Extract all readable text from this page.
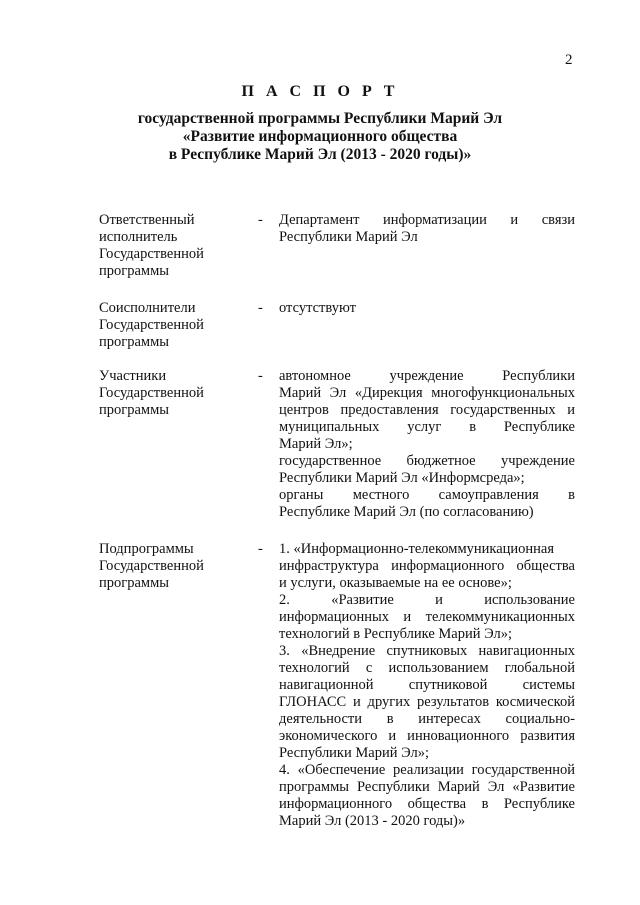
2
П А С П О Р Т
государственной программы Республики Марий Эл
«Развитие информационного общества
в Республике Марий Эл (2013 - 2020 годы)»
Ответственный
исполнитель
Государственной
программы
- Департамент информатизации и связи
Республики Марий Эл
Соисполнители
Государственной
программы
- отсутствуют
Участники
Государственной
программы
- автономное учреждение Республики
Марий Эл «Дирекция многофункциональных
центров предоставления государственных и
муниципальных услуг в Республике
Марий Эл»;
государственное бюджетное учреждение
Республики Марий Эл «Информсреда»;
органы местного самоуправления в
Республике Марий Эл (по согласованию)
Подпрограммы
Государственной
программы
- 1. «Информационно-телекоммуникационная
инфраструктура информационного общества
и услуги, оказываемые на ее основе»;
2. «Развитие и использование
информационных и телекоммуникационных
технологий в Республике Марий Эл»;
3. «Внедрение спутниковых навигационных
технологий с использованием глобальной
навигационной спутниковой системы
ГЛОНАСС и других результатов космической
деятельности в интересах социально-
экономического и инновационного развития
Республики Марий Эл»;
4. «Обеспечение реализации государственной
программы Республики Марий Эл «Развитие
информационного общества в Республике
Марий Эл (2013 - 2020 годы)»
